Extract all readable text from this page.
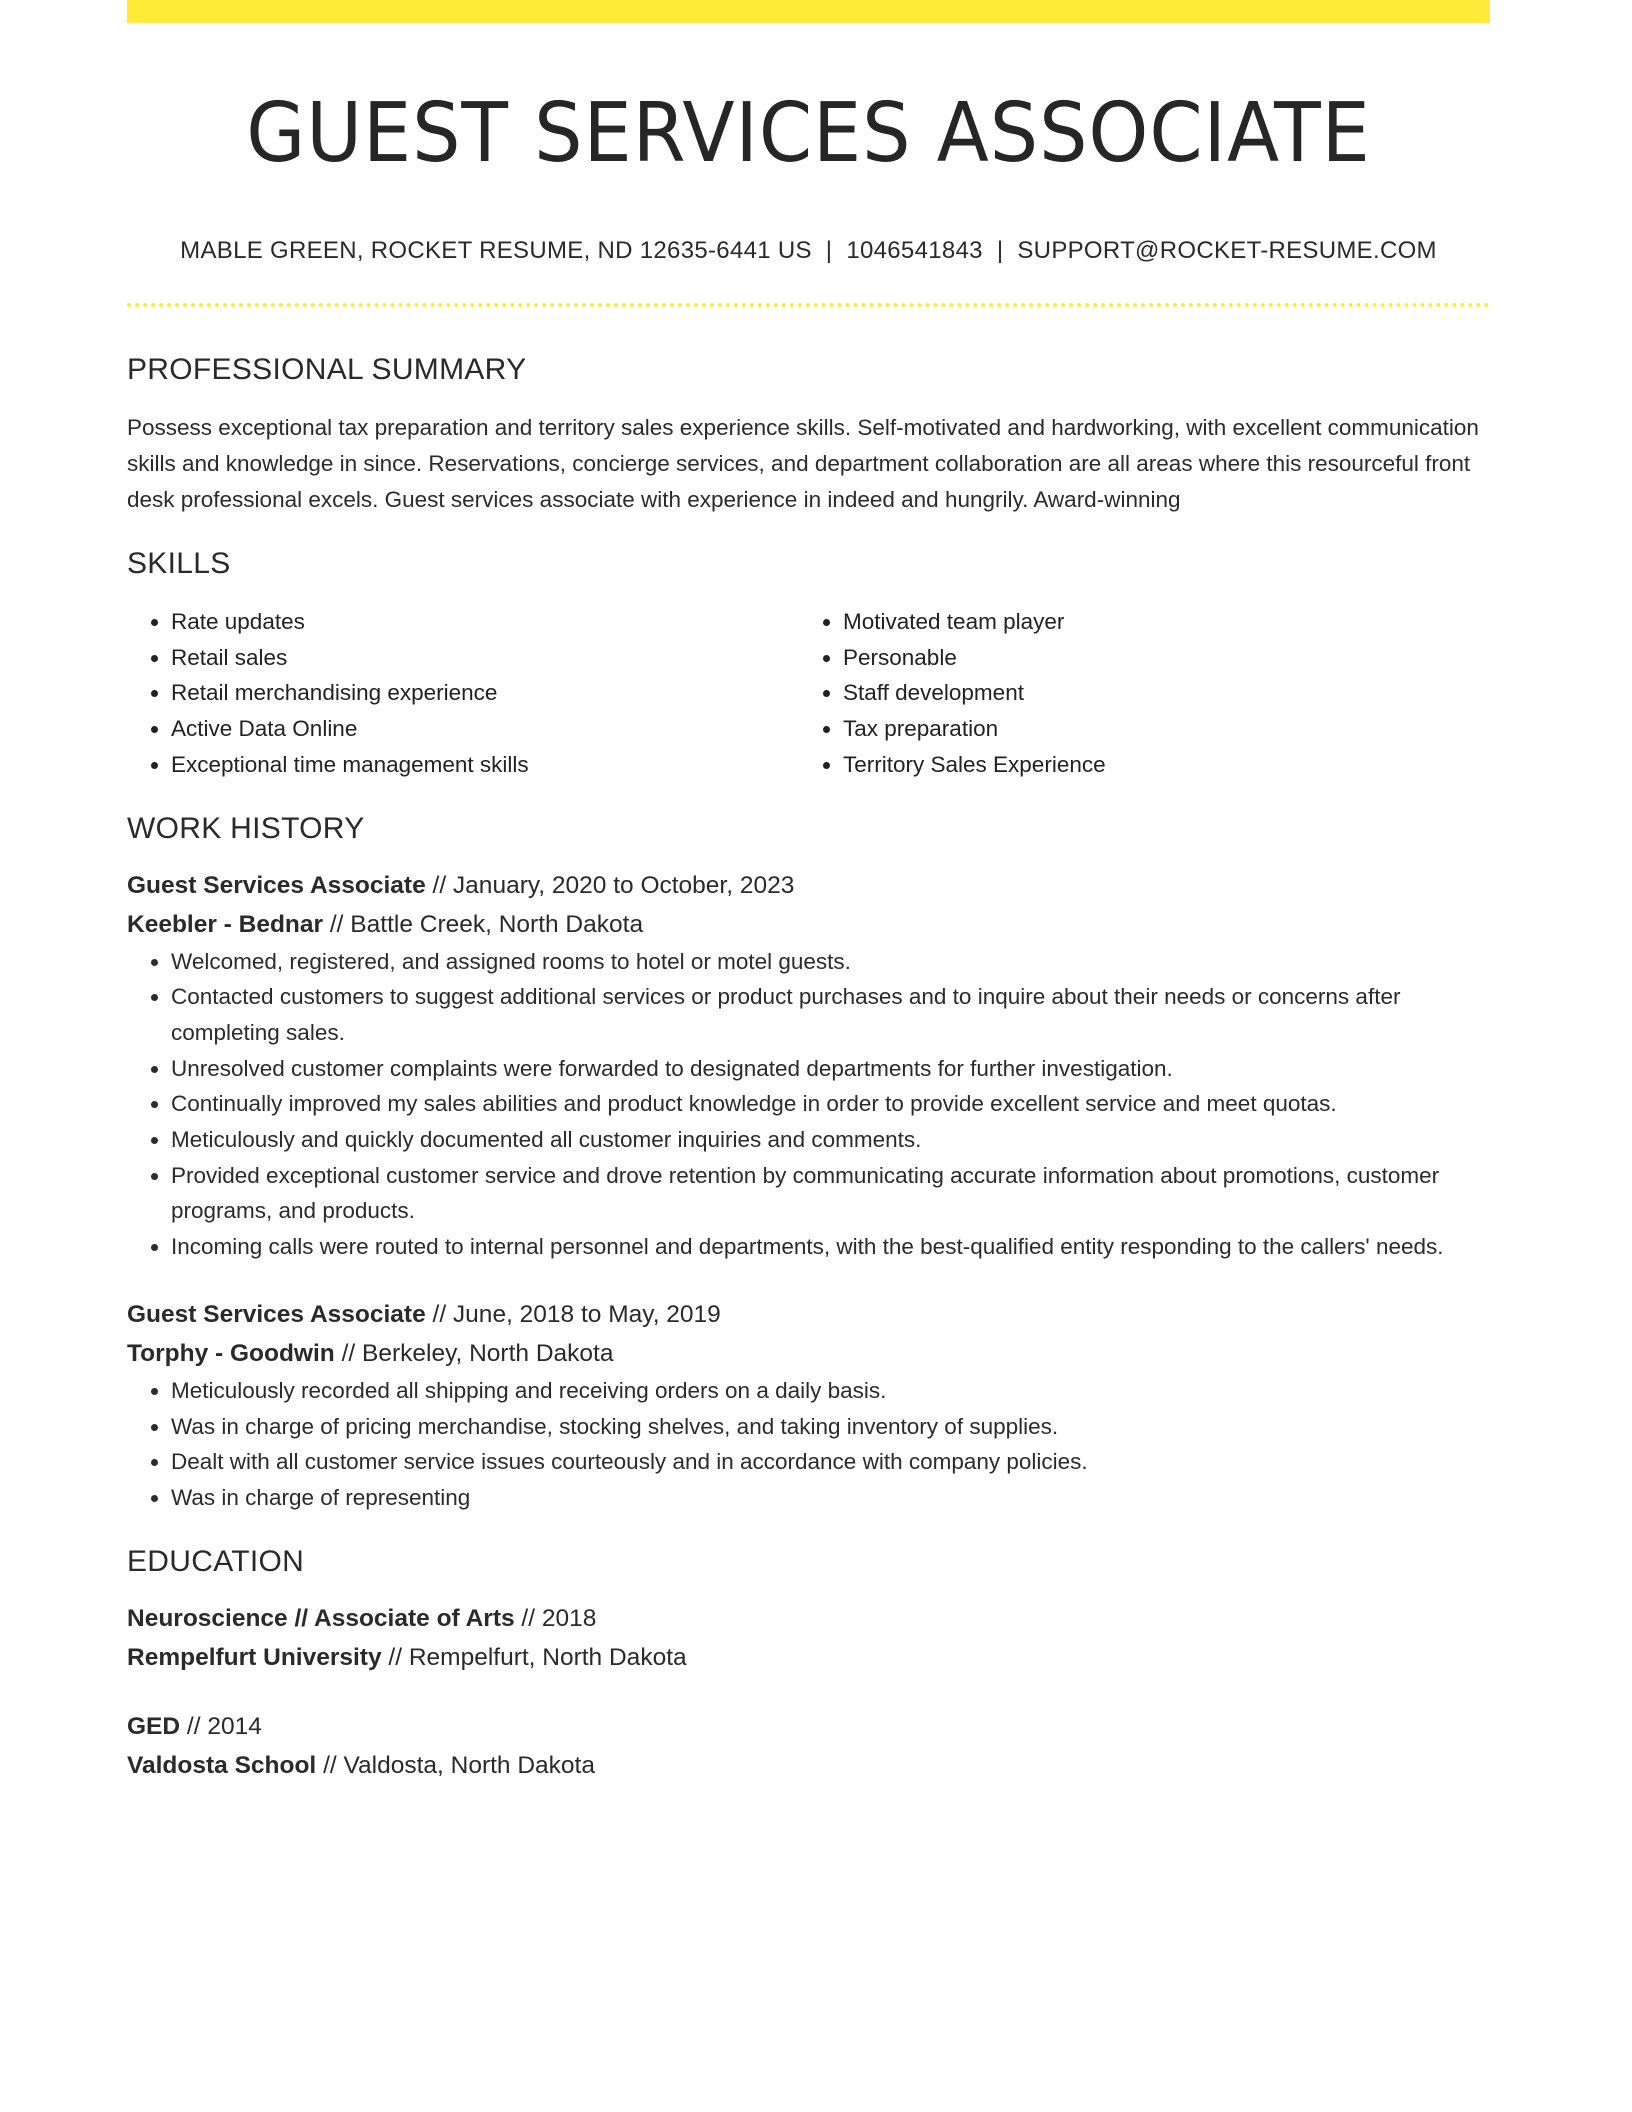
GUEST SERVICES ASSOCIATE
MABLE GREEN, ROCKET RESUME, ND 12635-6441 US | 1046541843 | SUPPORT@ROCKET-RESUME.COM
PROFESSIONAL SUMMARY
Possess exceptional tax preparation and territory sales experience skills. Self-motivated and hardworking, with excellent communication skills and knowledge in since. Reservations, concierge services, and department collaboration are all areas where this resourceful front desk professional excels. Guest services associate with experience in indeed and hungrily. Award-winning
SKILLS
• Rate updates
• Retail sales
• Retail merchandising experience
• Active Data Online
• Exceptional time management skills
• Motivated team player
• Personable
• Staff development
• Tax preparation
• Territory Sales Experience
WORK HISTORY
Guest Services Associate // January, 2020 to October, 2023
Keebler - Bednar // Battle Creek, North Dakota
• Welcomed, registered, and assigned rooms to hotel or motel guests.
• Contacted customers to suggest additional services or product purchases and to inquire about their needs or concerns after completing sales.
• Unresolved customer complaints were forwarded to designated departments for further investigation.
• Continually improved my sales abilities and product knowledge in order to provide excellent service and meet quotas.
• Meticulously and quickly documented all customer inquiries and comments.
• Provided exceptional customer service and drove retention by communicating accurate information about promotions, customer programs, and products.
• Incoming calls were routed to internal personnel and departments, with the best-qualified entity responding to the callers' needs.
Guest Services Associate // June, 2018 to May, 2019
Torphy - Goodwin // Berkeley, North Dakota
• Meticulously recorded all shipping and receiving orders on a daily basis.
• Was in charge of pricing merchandise, stocking shelves, and taking inventory of supplies.
• Dealt with all customer service issues courteously and in accordance with company policies.
• Was in charge of representing
EDUCATION
Neuroscience // Associate of Arts // 2018
Rempelfurt University // Rempelfurt, North Dakota
GED // 2014
Valdosta School // Valdosta, North Dakota
